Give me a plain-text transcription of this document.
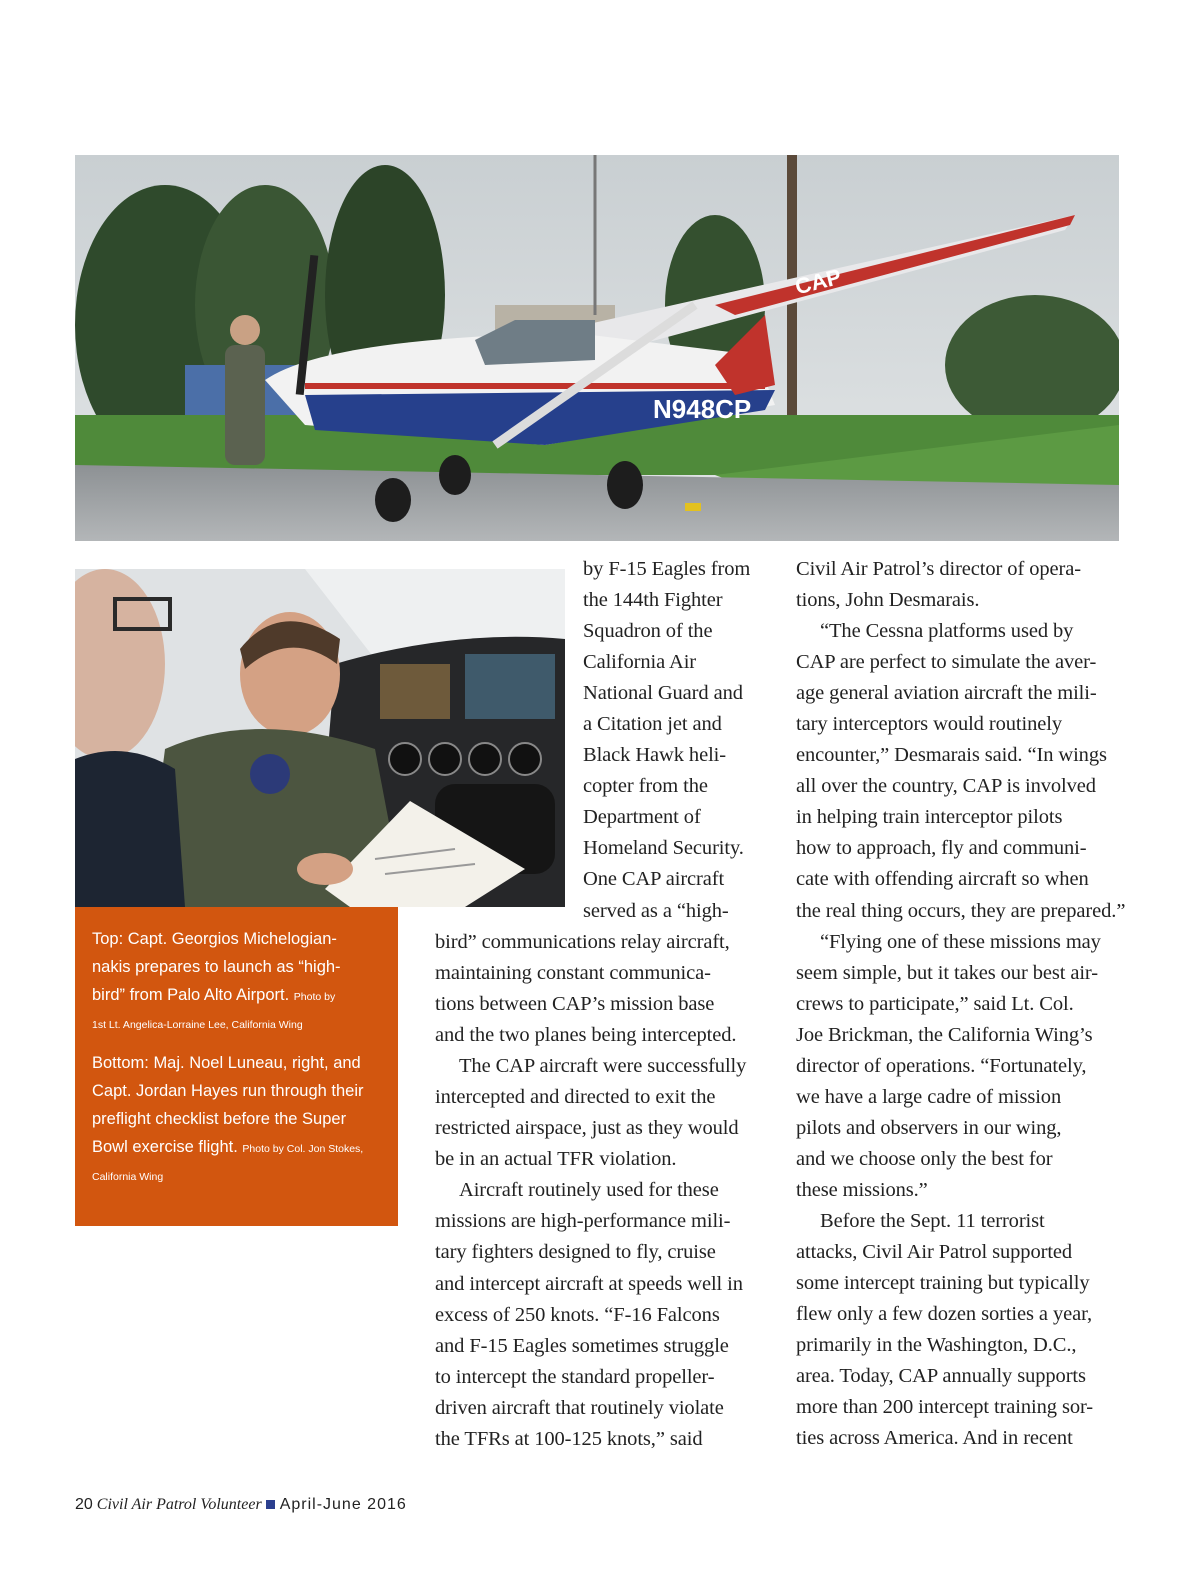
N948CP
CAP

Top: Capt. Georgios Michelogian-
nakis prepares to launch as “high-
bird” from Palo Alto Airport. Photo by
1st Lt. Angelica-Lorraine Lee, California Wing

Bottom: Maj. Noel Luneau, right, and
Capt. Jordan Hayes run through their
preflight checklist before the Super
Bowl exercise flight. Photo by Col. Jon Stokes,
California Wing

by F-15 Eagles from
the 144th Fighter
Squadron of the
California Air
National Guard and
a Citation jet and
Black Hawk heli-
copter from the
Department of
Homeland Security.
One CAP aircraft
served as a “high-
bird” communications relay aircraft,
maintaining constant communica-
tions between CAP’s mission base
and the two planes being intercepted.
The CAP aircraft were successfully
intercepted and directed to exit the
restricted airspace, just as they would
be in an actual TFR violation.
Aircraft routinely used for these
missions are high-performance mili-
tary fighters designed to fly, cruise
and intercept aircraft at speeds well in
excess of 250 knots. “F-16 Falcons
and F-15 Eagles sometimes struggle
to intercept the standard propeller-
driven aircraft that routinely violate
the TFRs at 100-125 knots,” said
Civil Air Patrol’s director of opera-
tions, John Desmarais.
“The Cessna platforms used by
CAP are perfect to simulate the aver-
age general aviation aircraft the mili-
tary interceptors would routinely
encounter,” Desmarais said. “In wings
all over the country, CAP is involved
in helping train interceptor pilots
how to approach, fly and communi-
cate with offending aircraft so when
the real thing occurs, they are prepared.”
“Flying one of these missions may
seem simple, but it takes our best air-
crews to participate,” said Lt. Col.
Joe Brickman, the California Wing’s
director of operations. “Fortunately,
we have a large cadre of mission
pilots and observers in our wing,
and we choose only the best for
these missions.”
Before the Sept. 11 terrorist
attacks, Civil Air Patrol supported
some intercept training but typically
flew only a few dozen sorties a year,
primarily in the Washington, D.C.,
area. Today, CAP annually supports
more than 200 intercept training sor-
ties across America. And in recent
20 Civil Air Patrol Volunteer April-June 2016
